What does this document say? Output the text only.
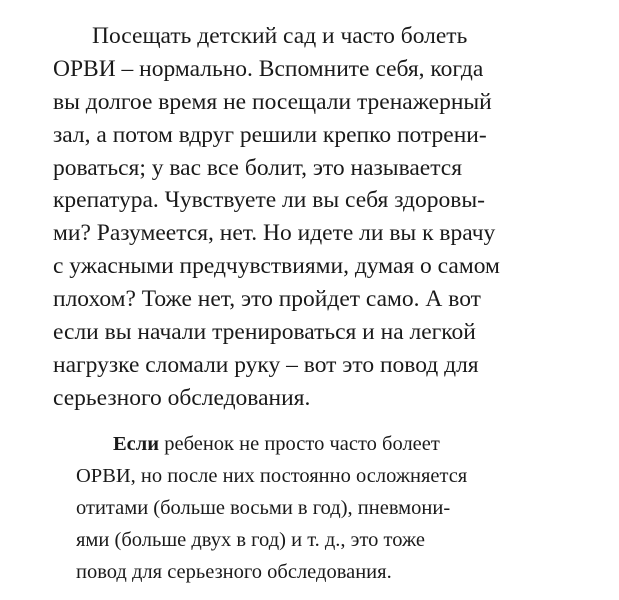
Посещать детский сад и часто болеть
ОРВИ – нормально. Вспомните себя, когда
вы долгое время не посещали тренажерный
зал, а потом вдруг решили крепко потрени-
роваться; у вас все болит, это называется
крепатура. Чувствуете ли вы себя здоровы-
ми? Разумеется, нет. Но идете ли вы к врачу
с ужасными предчувствиями, думая о самом
плохом? Тоже нет, это пройдет само. А вот
если вы начали тренироваться и на легкой
нагрузке сломали руку – вот это повод для
серьезного обследования.

Если ребенок не просто часто болеет
ОРВИ, но после них постоянно осложняется
отитами (больше восьми в год), пневмони-
ями (больше двух в год) и т. д., это тоже
повод для серьезного обследования.
